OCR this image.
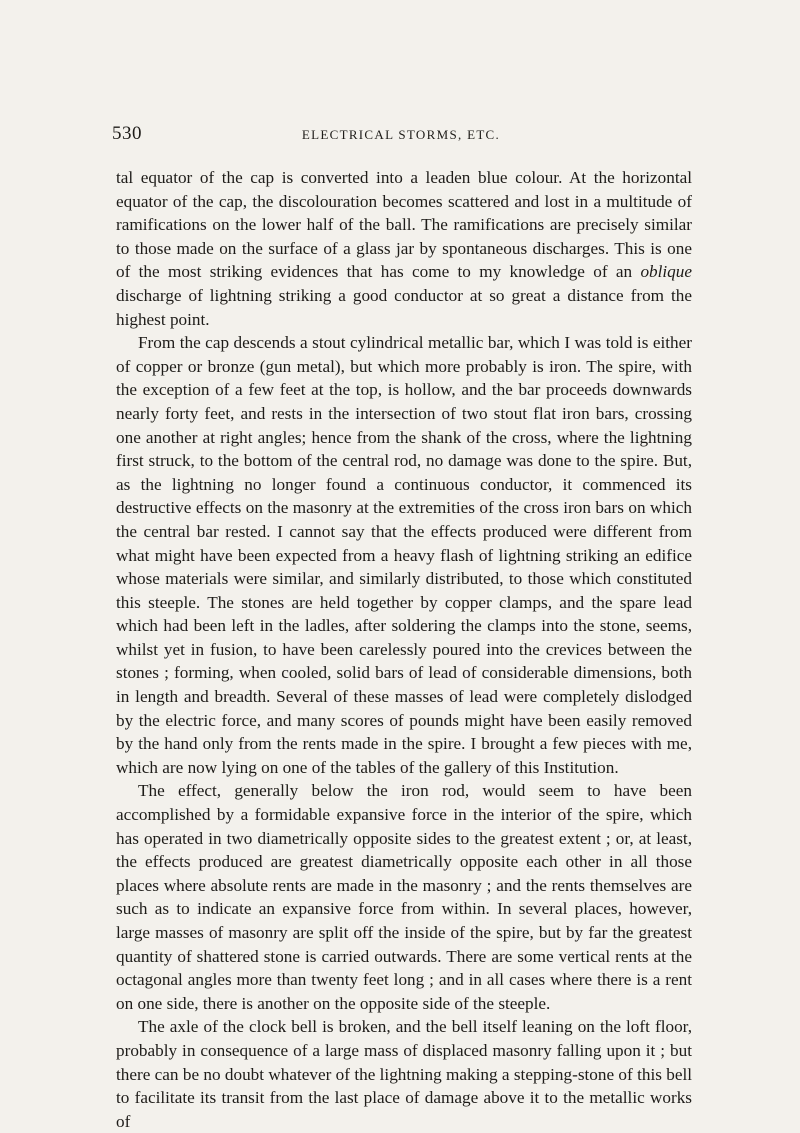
530	ELECTRICAL STORMS, ETC.

tal equator of the cap is converted into a leaden blue colour. At the horizontal equator of the cap, the discolouration becomes scattered and lost in a multitude of ramifications on the lower half of the ball. The ramifications are precisely similar to those made on the surface of a glass jar by spontaneous discharges. This is one of the most striking evidences that has come to my knowledge of an oblique discharge of lightning striking a good conductor at so great a distance from the highest point.

From the cap descends a stout cylindrical metallic bar, which I was told is either of copper or bronze (gun metal), but which more probably is iron. The spire, with the exception of a few feet at the top, is hollow, and the bar proceeds downwards nearly forty feet, and rests in the intersection of two stout flat iron bars, crossing one another at right angles; hence from the shank of the cross, where the lightning first struck, to the bottom of the central rod, no damage was done to the spire. But, as the lightning no longer found a continuous conductor, it commenced its destructive effects on the masonry at the extremities of the cross iron bars on which the central bar rested. I cannot say that the effects produced were different from what might have been expected from a heavy flash of lightning striking an edifice whose materials were similar, and similarly distributed, to those which constituted this steeple. The stones are held together by copper clamps, and the spare lead which had been left in the ladles, after soldering the clamps into the stone, seems, whilst yet in fusion, to have been carelessly poured into the crevices between the stones ; forming, when cooled, solid bars of lead of considerable dimensions, both in length and breadth. Several of these masses of lead were completely dislodged by the electric force, and many scores of pounds might have been easily removed by the hand only from the rents made in the spire. I brought a few pieces with me, which are now lying on one of the tables of the gallery of this Institution.

The effect, generally below the iron rod, would seem to have been accomplished by a formidable expansive force in the interior of the spire, which has operated in two diametrically opposite sides to the greatest extent ; or, at least, the effects produced are greatest diametrically opposite each other in all those places where absolute rents are made in the masonry ; and the rents themselves are such as to indicate an expansive force from within. In several places, however, large masses of masonry are split off the inside of the spire, but by far the greatest quantity of shattered stone is carried outwards. There are some vertical rents at the octagonal angles more than twenty feet long ; and in all cases where there is a rent on one side, there is another on the opposite side of the steeple.

The axle of the clock bell is broken, and the bell itself leaning on the loft floor, probably in consequence of a large mass of displaced masonry falling upon it ; but there can be no doubt whatever of the lightning making a stepping-stone of this bell to facilitate its transit from the last place of damage above it to the metallic works of
